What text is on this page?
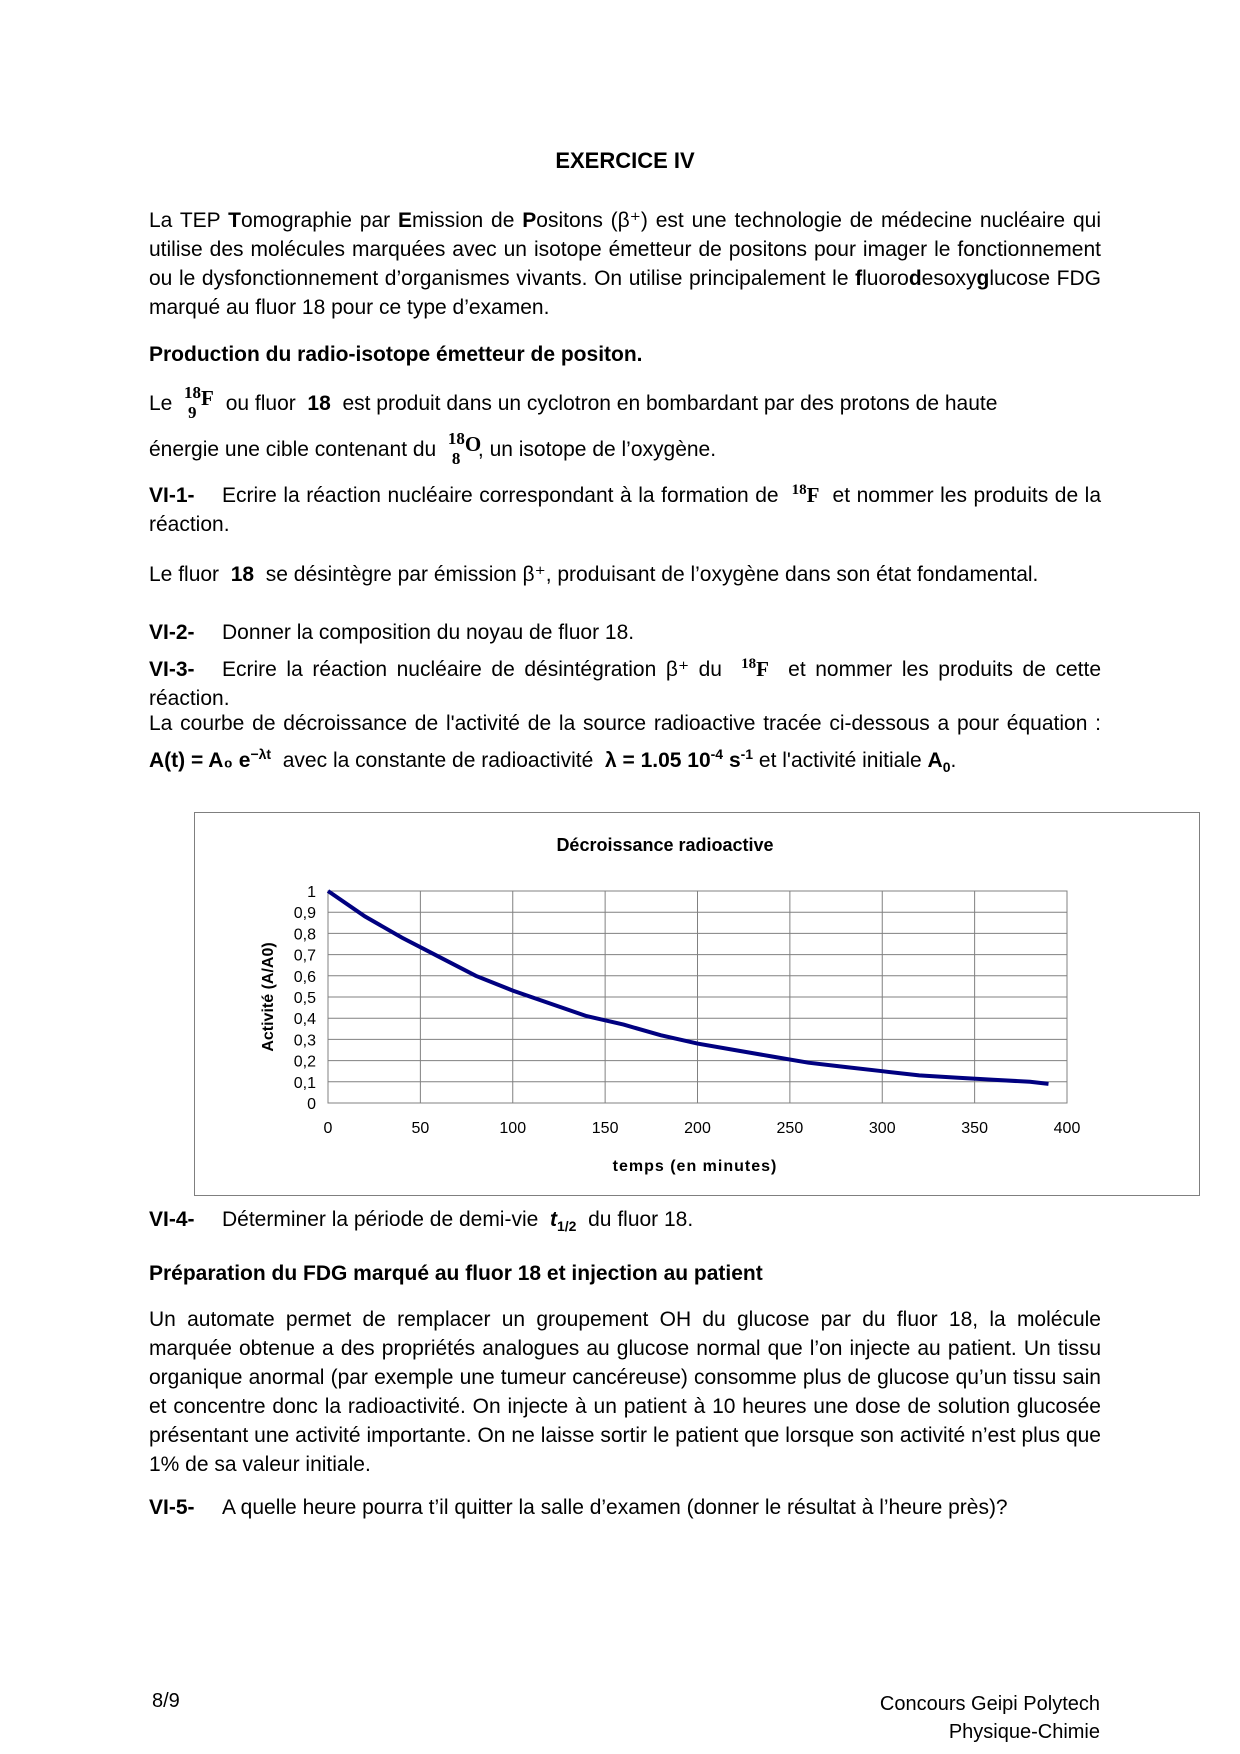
EXERCICE IV

La TEP Tomographie par Emission de Positons (β⁺) est une technologie de médecine nucléaire qui utilise des molécules marquées avec un isotope émetteur de positons pour imager le fonctionnement ou le dysfonctionnement d’organismes vivants. On utilise principalement le fluorodesoxyglucose FDG marqué au fluor 18 pour ce type d’examen.

Production du radio-isotope émetteur de positon.

Le 18
9
F ou fluor 18 est produit dans un cyclotron en bombardant par des protons de haute

énergie une cible contenant du 18
8
O
, un isotope de l’oxygène.

VI-1- Ecrire la réaction nucléaire correspondant à la formation de $^{18}$F et nommer les produits de la réaction.

Le fluor 18 se désintègre par émission β⁺, produisant de l’oxygène dans son état fondamental.

VI-2- Donner la composition du noyau de fluor 18.

VI-3- Ecrire la réaction nucléaire de désintégration β⁺ du $^{18}$F et nommer les produits de cette réaction.

La courbe de décroissance de l'activité de la source radioactive tracée ci-dessous a pour équation : A(t) = A₀ $e^{-\lambda t}$ avec la constante de radioactivité λ = 1.05 $10^{-4}$ $s^{-1}$ et l'activité initiale $A_0$.

Décroissance radioactive
0
0,1
0,2
0,3
0,4
0,5
0,6
0,7
0,8
0,9
1
0	50	100	150	200	250	300	350	400
temps (en minutes)
Activité (A/A0)

VI-4- Déterminer la période de demi-vie $t_{1/2}$ du fluor 18.

Préparation du FDG marqué au fluor 18 et injection au patient

Un automate permet de remplacer un groupement OH du glucose par du fluor 18, la molécule marquée obtenue a des propriétés analogues au glucose normal que l’on injecte au patient. Un tissu organique anormal (par exemple une tumeur cancéreuse) consomme plus de glucose qu’un tissu sain et concentre donc la radioactivité. On injecte à un patient à 10 heures une dose de solution glucosée présentant une activité importante. On ne laisse sortir le patient que lorsque son activité n’est plus que 1% de sa valeur initiale.

VI-5- A quelle heure pourra t’il quitter la salle d’examen (donner le résultat à l’heure près)?

8/9	Concours Geipi Polytech
Physique-Chimie
